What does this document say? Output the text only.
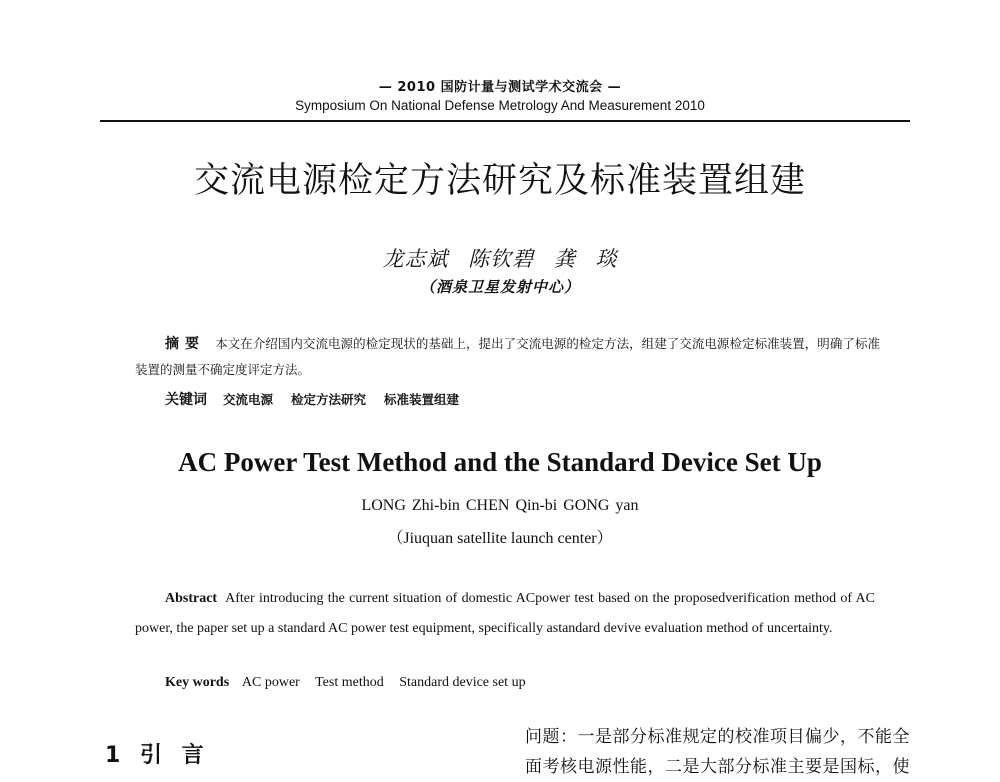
— 2010 国防计量与测试学术交流会 —
Symposium On National Defense Metrology And Measurement 2010
交流电源检定方法研究及标准装置组建
龙志斌 陈钦碧 龚 琰
（酒泉卫星发射中心）
摘要 本文在介绍国内交流电源的检定现状的基础上，提出了交流电源的检定方法，组建了交流电源检定标准装置，明确了标准装置的测量不确定度评定方法。
关键词 交流电源 检定方法研究 标准装置组建
AC Power Test Method and the Standard Device Set Up
LONG Zhi-bin CHEN Qin-bi GONG yan
（Jiuquan satellite launch center）
Abstract After introducing the current situation of domestic ACpower test based on the proposedverification method of AC power, the paper set up a standard AC power test equipment, specifically astandard devive evaluation method of uncertainty.
Key words AC power Test method Standard device set up
1 引 言
问题：一是部分标准规定的校准项目偏少，不能全
面考核电源性能，二是大部分标准主要是国标，使
